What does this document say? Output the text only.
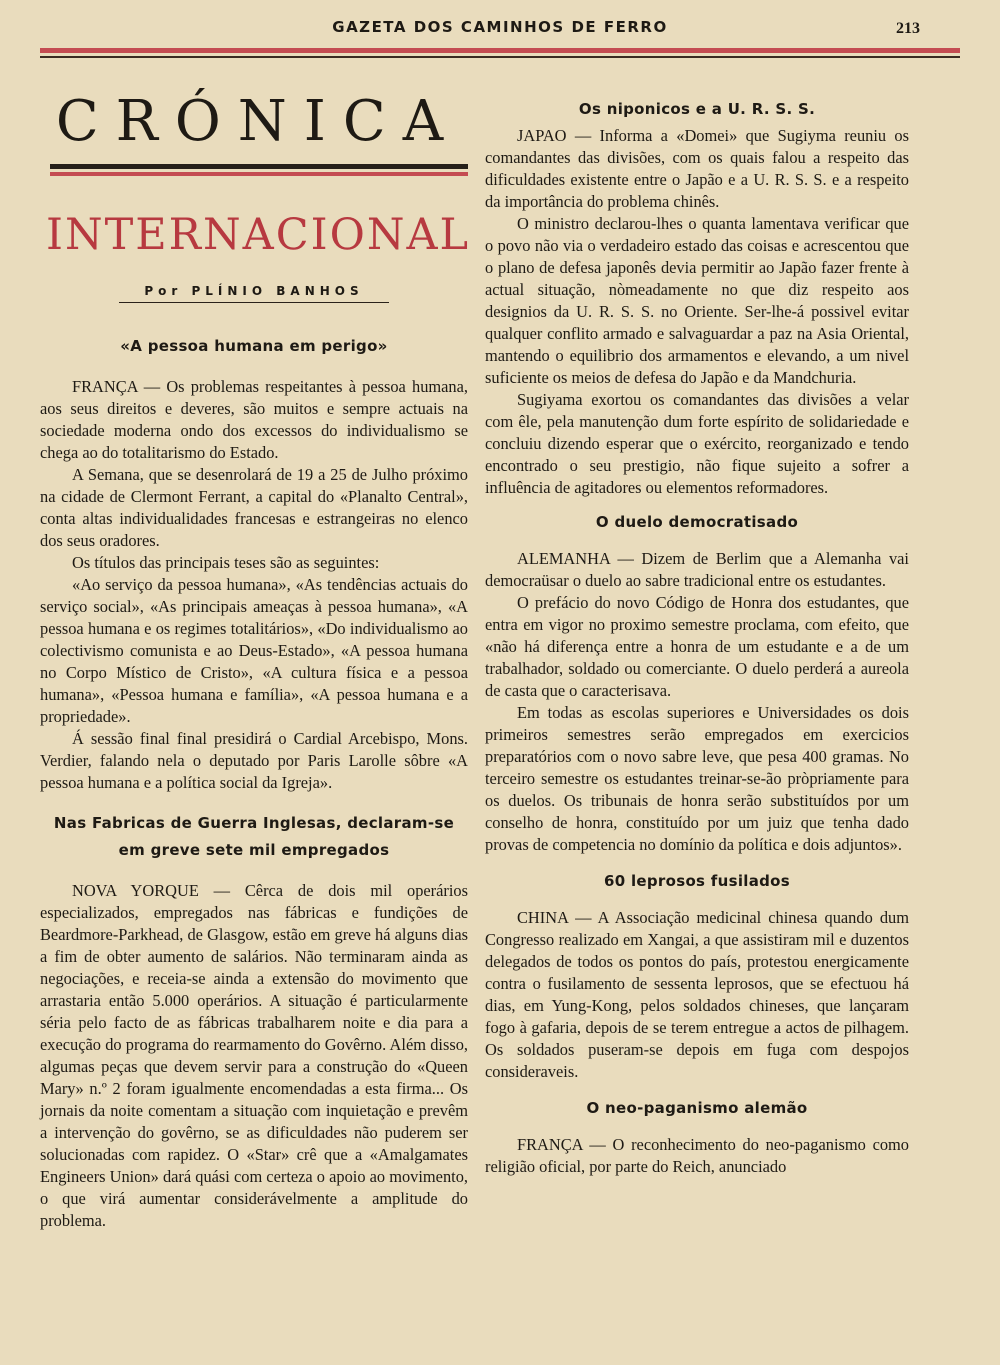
GAZETA DOS CAMINHOS DE FERRO	213
CRÓNICA
INTERNACIONAL
Por PLÍNIO BANHOS
«A pessoa humana em perigo»

FRANÇA — Os problemas respeitantes à pessoa humana, aos seus direitos e deveres, são muitos e sempre actuais na sociedade moderna ondo dos excessos do individualismo se chega ao do totalitarismo do Estado.

A Semana, que se desenrolará de 19 a 25 de Julho próximo na cidade de Clermont Ferrant, a capital do «Planalto Central», conta altas individualidades francesas e estrangeiras no elenco dos seus oradores.

Os títulos das principais teses são as seguintes:

«Ao serviço da pessoa humana», «As tendências actuais do serviço social», «As principais ameaças à pessoa humana», «A pessoa humana e os regimes totalitários», «Do individualismo ao colectivismo comunista e ao Deus-Estado», «A pessoa humana no Corpo Místico de Cristo», «A cultura física e a pessoa humana», «Pessoa humana e família», «A pessoa humana e a propriedade».

Á sessão final final presidirá o Cardial Arcebispo, Mons. Verdier, falando nela o deputado por Paris Larolle sôbre «A pessoa humana e a política social da Igreja».

Nas Fabricas de Guerra Inglesas, declaram-se
em greve sete mil empregados

NOVA YORQUE — Cêrca de dois mil operários especializados, empregados nas fábricas e fundições de Beardmore-Parkhead, de Glasgow, estão em greve há alguns dias a fim de obter aumento de salários. Não terminaram ainda as negociações, e receia-se ainda a extensão do movimento que arrastaria então 5.000 operários. A situação é particularmente séria pelo facto de as fábricas trabalharem noite e dia para a execução do programa do rearmamento do Govêrno. Além disso, algumas peças que devem servir para a construção do «Queen Mary» n.º 2 foram igualmente encomendadas a esta firma... Os jornais da noite comentam a situação com inquietação e prevêm a intervenção do govêrno, se as dificuldades não puderem ser solucionadas com rapidez. O «Star» crê que a «Amalgamates Engineers Union» dará quási com certeza o apoio ao movimento, o que virá aumentar considerávelmente a amplitude do problema.

Os niponicos e a U. R. S. S.

JAPAO — Informa a «Domei» que Sugiyma reuniu os comandantes das divisões, com os quais falou a respeito das dificuldades existente entre o Japão e a U. R. S. S. e a respeito da importância do problema chinês.

O ministro declarou-lhes o quanta lamentava verificar que o povo não via o verdadeiro estado das coisas e acrescentou que o plano de defesa japonês devia permitir ao Japão fazer frente à actual situação, nòmeadamente no que diz respeito aos designios da U. R. S. S. no Oriente. Ser-lhe-á possivel evitar qualquer conflito armado e salvaguardar a paz na Asia Oriental, mantendo o equilibrio dos armamentos e elevando, a um nivel suficiente os meios de defesa do Japão e da Mandchuria.

Sugiyama exortou os comandantes das divisões a velar com êle, pela manutenção dum forte espírito de solidariedade e concluiu dizendo esperar que o exército, reorganizado e tendo encontrado o seu prestigio, não fique sujeito a sofrer a influência de agitadores ou elementos reformadores.

O duelo democratisado

ALEMANHA — Dizem de Berlim que a Alemanha vai democraüsar o duelo ao sabre tradicional entre os estudantes.

O prefácio do novo Código de Honra dos estudantes, que entra em vigor no proximo semestre proclama, com efeito, que «não há diferença entre a honra de um estudante e a de um trabalhador, soldado ou comerciante. O duelo perderá a aureola de casta que o caracterisava.

Em todas as escolas superiores e Universidades os dois primeiros semestres serão empregados em exercicios preparatórios com o novo sabre leve, que pesa 400 gramas. No terceiro semestre os estudantes treinar-se-ão pròpriamente para os duelos. Os tribunais de honra serão substituídos por um conselho de honra, constituído por um juiz que tenha dado provas de competencia no domínio da política e dois adjuntos».

60 leprosos fusilados

CHINA — A Associação medicinal chinesa quando dum Congresso realizado em Xangai, a que assistiram mil e duzentos delegados de todos os pontos do país, protestou energicamente contra o fusilamento de sessenta leprosos, que se efectuou há dias, em Yung-Kong, pelos soldados chineses, que lançaram fogo à gafaria, depois de se terem entregue a actos de pilhagem. Os soldados puseram-se depois em fuga com despojos consideraveis.

O neo-paganismo alemão

FRANÇA — O reconhecimento do neo-paganismo como religião oficial, por parte do Reich, anunciado
